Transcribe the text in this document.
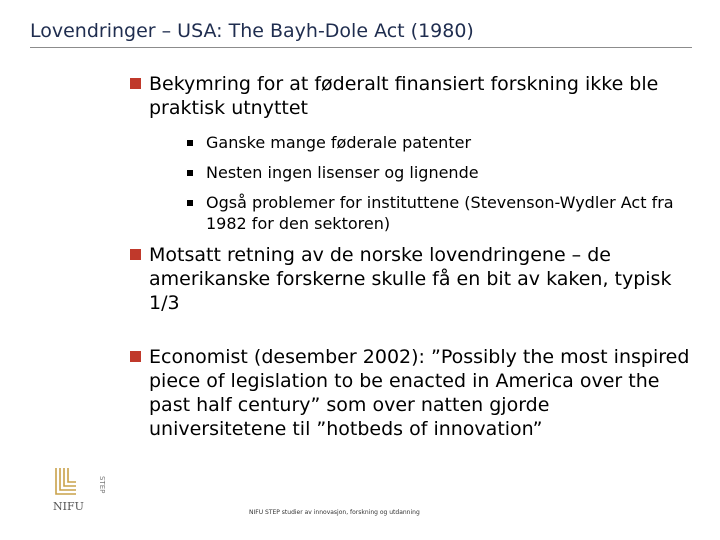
Lovendringer – USA: The Bayh-Dole Act (1980)
Bekymring for at føderalt finansiert forskning ikke ble praktisk utnyttet
Ganske mange føderale patenter
Nesten ingen lisenser og lignende
Også problemer for instituttene (Stevenson-Wydler Act fra 1982 for den sektoren)
Motsatt retning av de norske lovendringene – de amerikanske forskerne skulle få en bit av kaken, typisk 1/3
Economist (desember 2002): ”Possibly the most inspired piece of legislation to be enacted in America over the past half century” som over natten gjorde universitetene til ”hotbeds of innovation”
NIFU
STEP
NIFU STEP studier av innovasjon, forskning og utdanning
